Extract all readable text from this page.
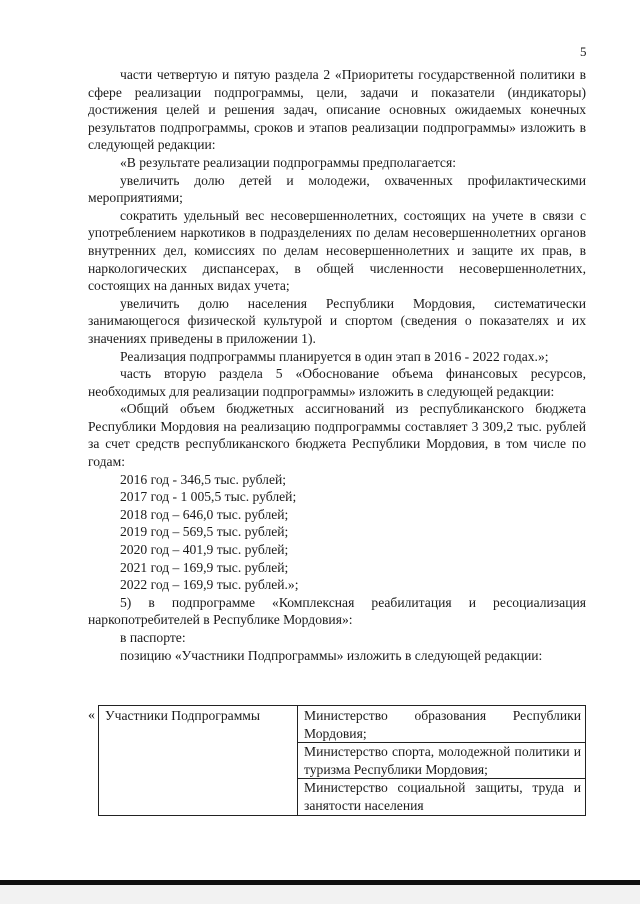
5

части четвертую и пятую раздела 2 «Приоритеты государственной политики в сфере реализации подпрограммы, цели, задачи и показатели (индикаторы) достижения целей и решения задач, описание основных ожидаемых конечных результатов подпрограммы, сроков и этапов реализации подпрограммы» изложить в следующей редакции:

«В результате реализации подпрограммы предполагается:

увеличить долю детей и молодежи, охваченных профилактическими мероприятиями;

сократить удельный вес несовершеннолетних, состоящих на учете в связи с употреблением наркотиков в подразделениях по делам несовершеннолетних органов внутренних дел, комиссиях по делам несовершеннолетних и защите их прав, в наркологических диспансерах, в общей численности несовершеннолетних, состоящих на данных видах учета;

увеличить долю населения Республики Мордовия, систематически занимающегося физической культурой и спортом (сведения о показателях и их значениях приведены в приложении 1).

Реализация подпрограммы планируется в один этап в 2016 - 2022 годах.»;

часть вторую раздела 5 «Обоснование объема финансовых ресурсов, необходимых для реализации подпрограммы» изложить в следующей редакции:

«Общий объем бюджетных ассигнований из республиканского бюджета Республики Мордовия на реализацию подпрограммы составляет 3 309,2 тыс. рублей за счет средств республиканского бюджета Республики Мордовия, в том числе по годам:

2016 год - 346,5 тыс. рублей;

2017 год - 1 005,5 тыс. рублей;

2018 год – 646,0 тыс. рублей;

2019 год – 569,5 тыс. рублей;

2020 год – 401,9 тыс. рублей;

2021 год – 169,9 тыс. рублей;

2022 год – 169,9 тыс. рублей.»;

5) в подпрограмме «Комплексная реабилитация и ресоциализация наркопотребителей в Республике Мордовия»:

в паспорте:

позицию «Участники Подпрограммы» изложить в следующей редакции:

« Участники Подпрограммы	Министерство образования Республики Мордовия;
Министерство спорта, молодежной политики и туризма Республики Мордовия;
Министерство социальной защиты, труда и занятости населения
